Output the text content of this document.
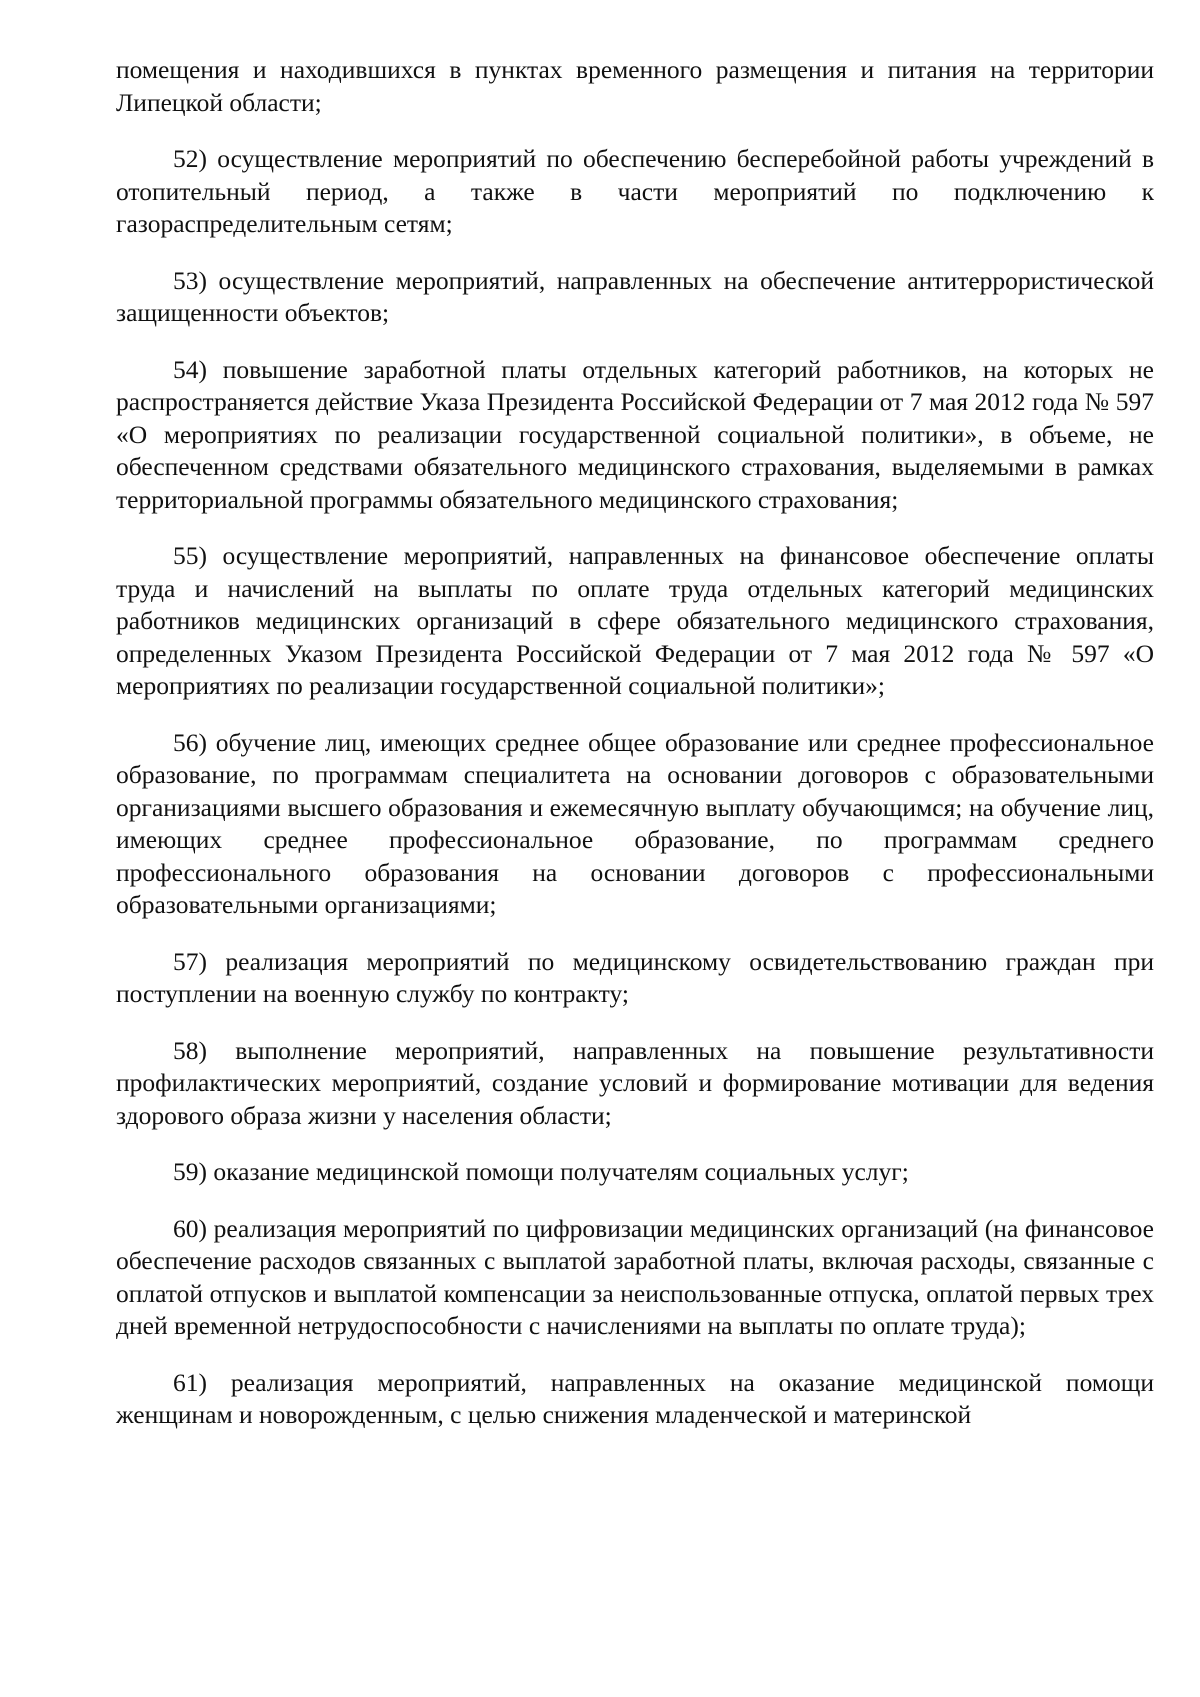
помещения и находившихся в пунктах временного размещения и питания на территории Липецкой области;

52) осуществление мероприятий по обеспечению бесперебойной работы учреждений в отопительный период, а также в части мероприятий по подключению к газораспределительным сетям;

53) осуществление мероприятий, направленных на обеспечение антитеррористической защищенности объектов;

54) повышение заработной платы отдельных категорий работников, на которых не распространяется действие Указа Президента Российской Федерации от 7 мая 2012 года № 597 «О мероприятиях по реализации государственной социальной политики», в объеме, не обеспеченном средствами обязательного медицинского страхования, выделяемыми в рамках территориальной программы обязательного медицинского страхования;

55) осуществление мероприятий, направленных на финансовое обеспечение оплаты труда и начислений на выплаты по оплате труда отдельных категорий медицинских работников медицинских организаций в сфере обязательного медицинского страхования, определенных Указом Президента Российской Федерации от 7 мая 2012 года № 597 «О мероприятиях по реализации государственной социальной политики»;

56) обучение лиц, имеющих среднее общее образование или среднее профессиональное образование, по программам специалитета на основании договоров с образовательными организациями высшего образования и ежемесячную выплату обучающимся; на обучение лиц, имеющих среднее профессиональное образование, по программам среднего профессионального образования на основании договоров с профессиональными образовательными организациями;

57) реализация мероприятий по медицинскому освидетельствованию граждан при поступлении на военную службу по контракту;

58) выполнение мероприятий, направленных на повышение результативности профилактических мероприятий, создание условий и формирование мотивации для ведения здорового образа жизни у населения области;

59) оказание медицинской помощи получателям социальных услуг;

60) реализация мероприятий по цифровизации медицинских организаций (на финансовое обеспечение расходов связанных с выплатой заработной платы, включая расходы, связанные с оплатой отпусков и выплатой компенсации за неиспользованные отпуска, оплатой первых трех дней временной нетрудоспособности с начислениями на выплаты по оплате труда);

61) реализация мероприятий, направленных на оказание медицинской помощи женщинам и новорожденным, с целью снижения младенческой и материнской
